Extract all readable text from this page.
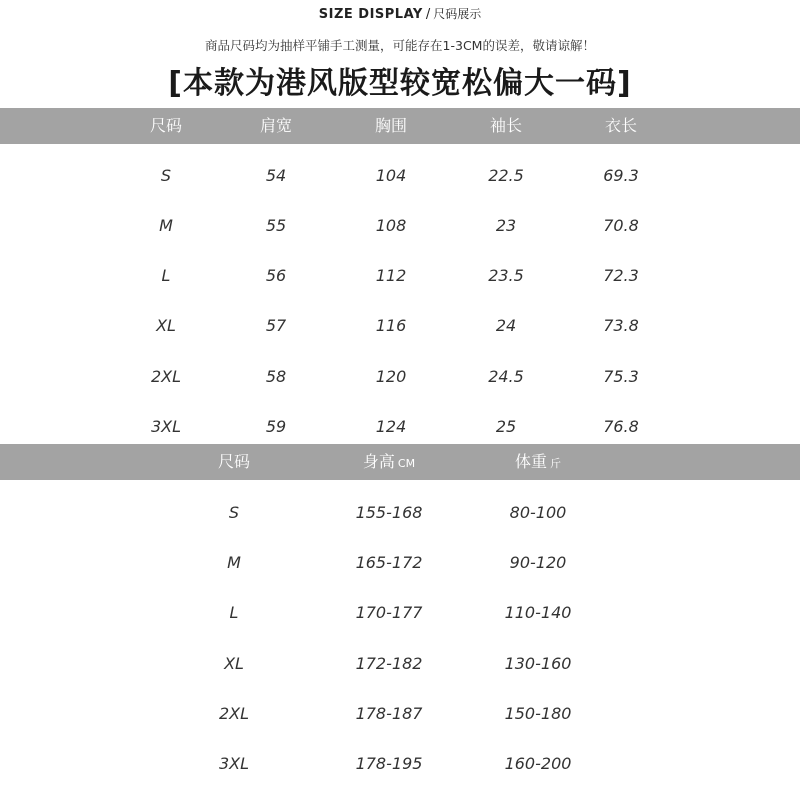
SIZE DISPLAY / 尺码展示
商品尺码均为抽样平铺手工测量，可能存在1-3CM的误差，敬请谅解！
[本款为港风版型较宽松偏大一码]
尺码	肩宽	胸围	袖长	衣长
S	54	104	22.5	69.3
M	55	108	23	70.8
L	56	112	23.5	72.3
XL	57	116	24	73.8
2XL	58	120	24.5	75.3
3XL	59	124	25	76.8
尺码	身高 CM	体重 斤
S	155-168	80-100
M	165-172	90-120
L	170-177	110-140
XL	172-182	130-160
2XL	178-187	150-180
3XL	178-195	160-200
